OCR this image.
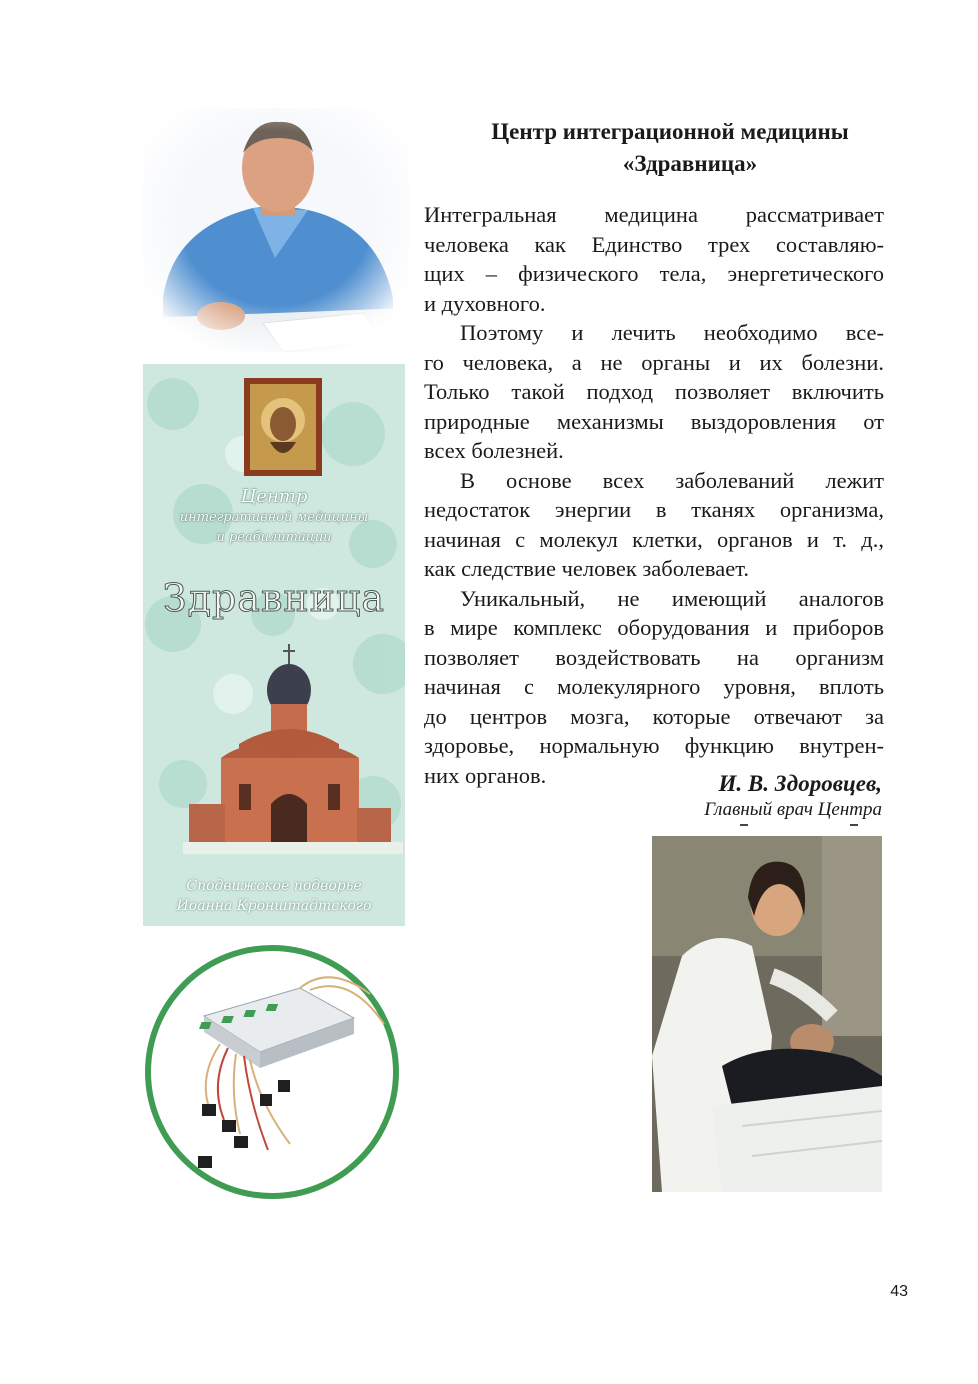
Центр
интегративной медицины
и реабилитации
Здравница
Сподвижское подворье
Иоанна Кронштадтского
Центр интеграционной медицины
«Здравница»
Интегральная медицина рассматривает
человека как Единство трех составляю-
щих – физического тела, энергетического
и духовного.
Поэтому и лечить необходимо все-
го человека, а не органы и их болезни.
Только такой подход позволяет включить
природные механизмы выздоровления от
всех болезней.
В основе всех заболеваний лежит
недостаток энергии в тканях организма,
начиная с молекул клетки, органов и т. д.,
как следствие человек заболевает.
Уникальный, не имеющий аналогов
в мире комплекс оборудования и приборов
позволяет воздействовать на организм
начиная с молекулярного уровня, вплоть
до центров мозга, которые отвечают за
здоровье, нормальную функцию внутрен-
них органов.	И. В. Здоровцев,
Главный врач Центра
43
